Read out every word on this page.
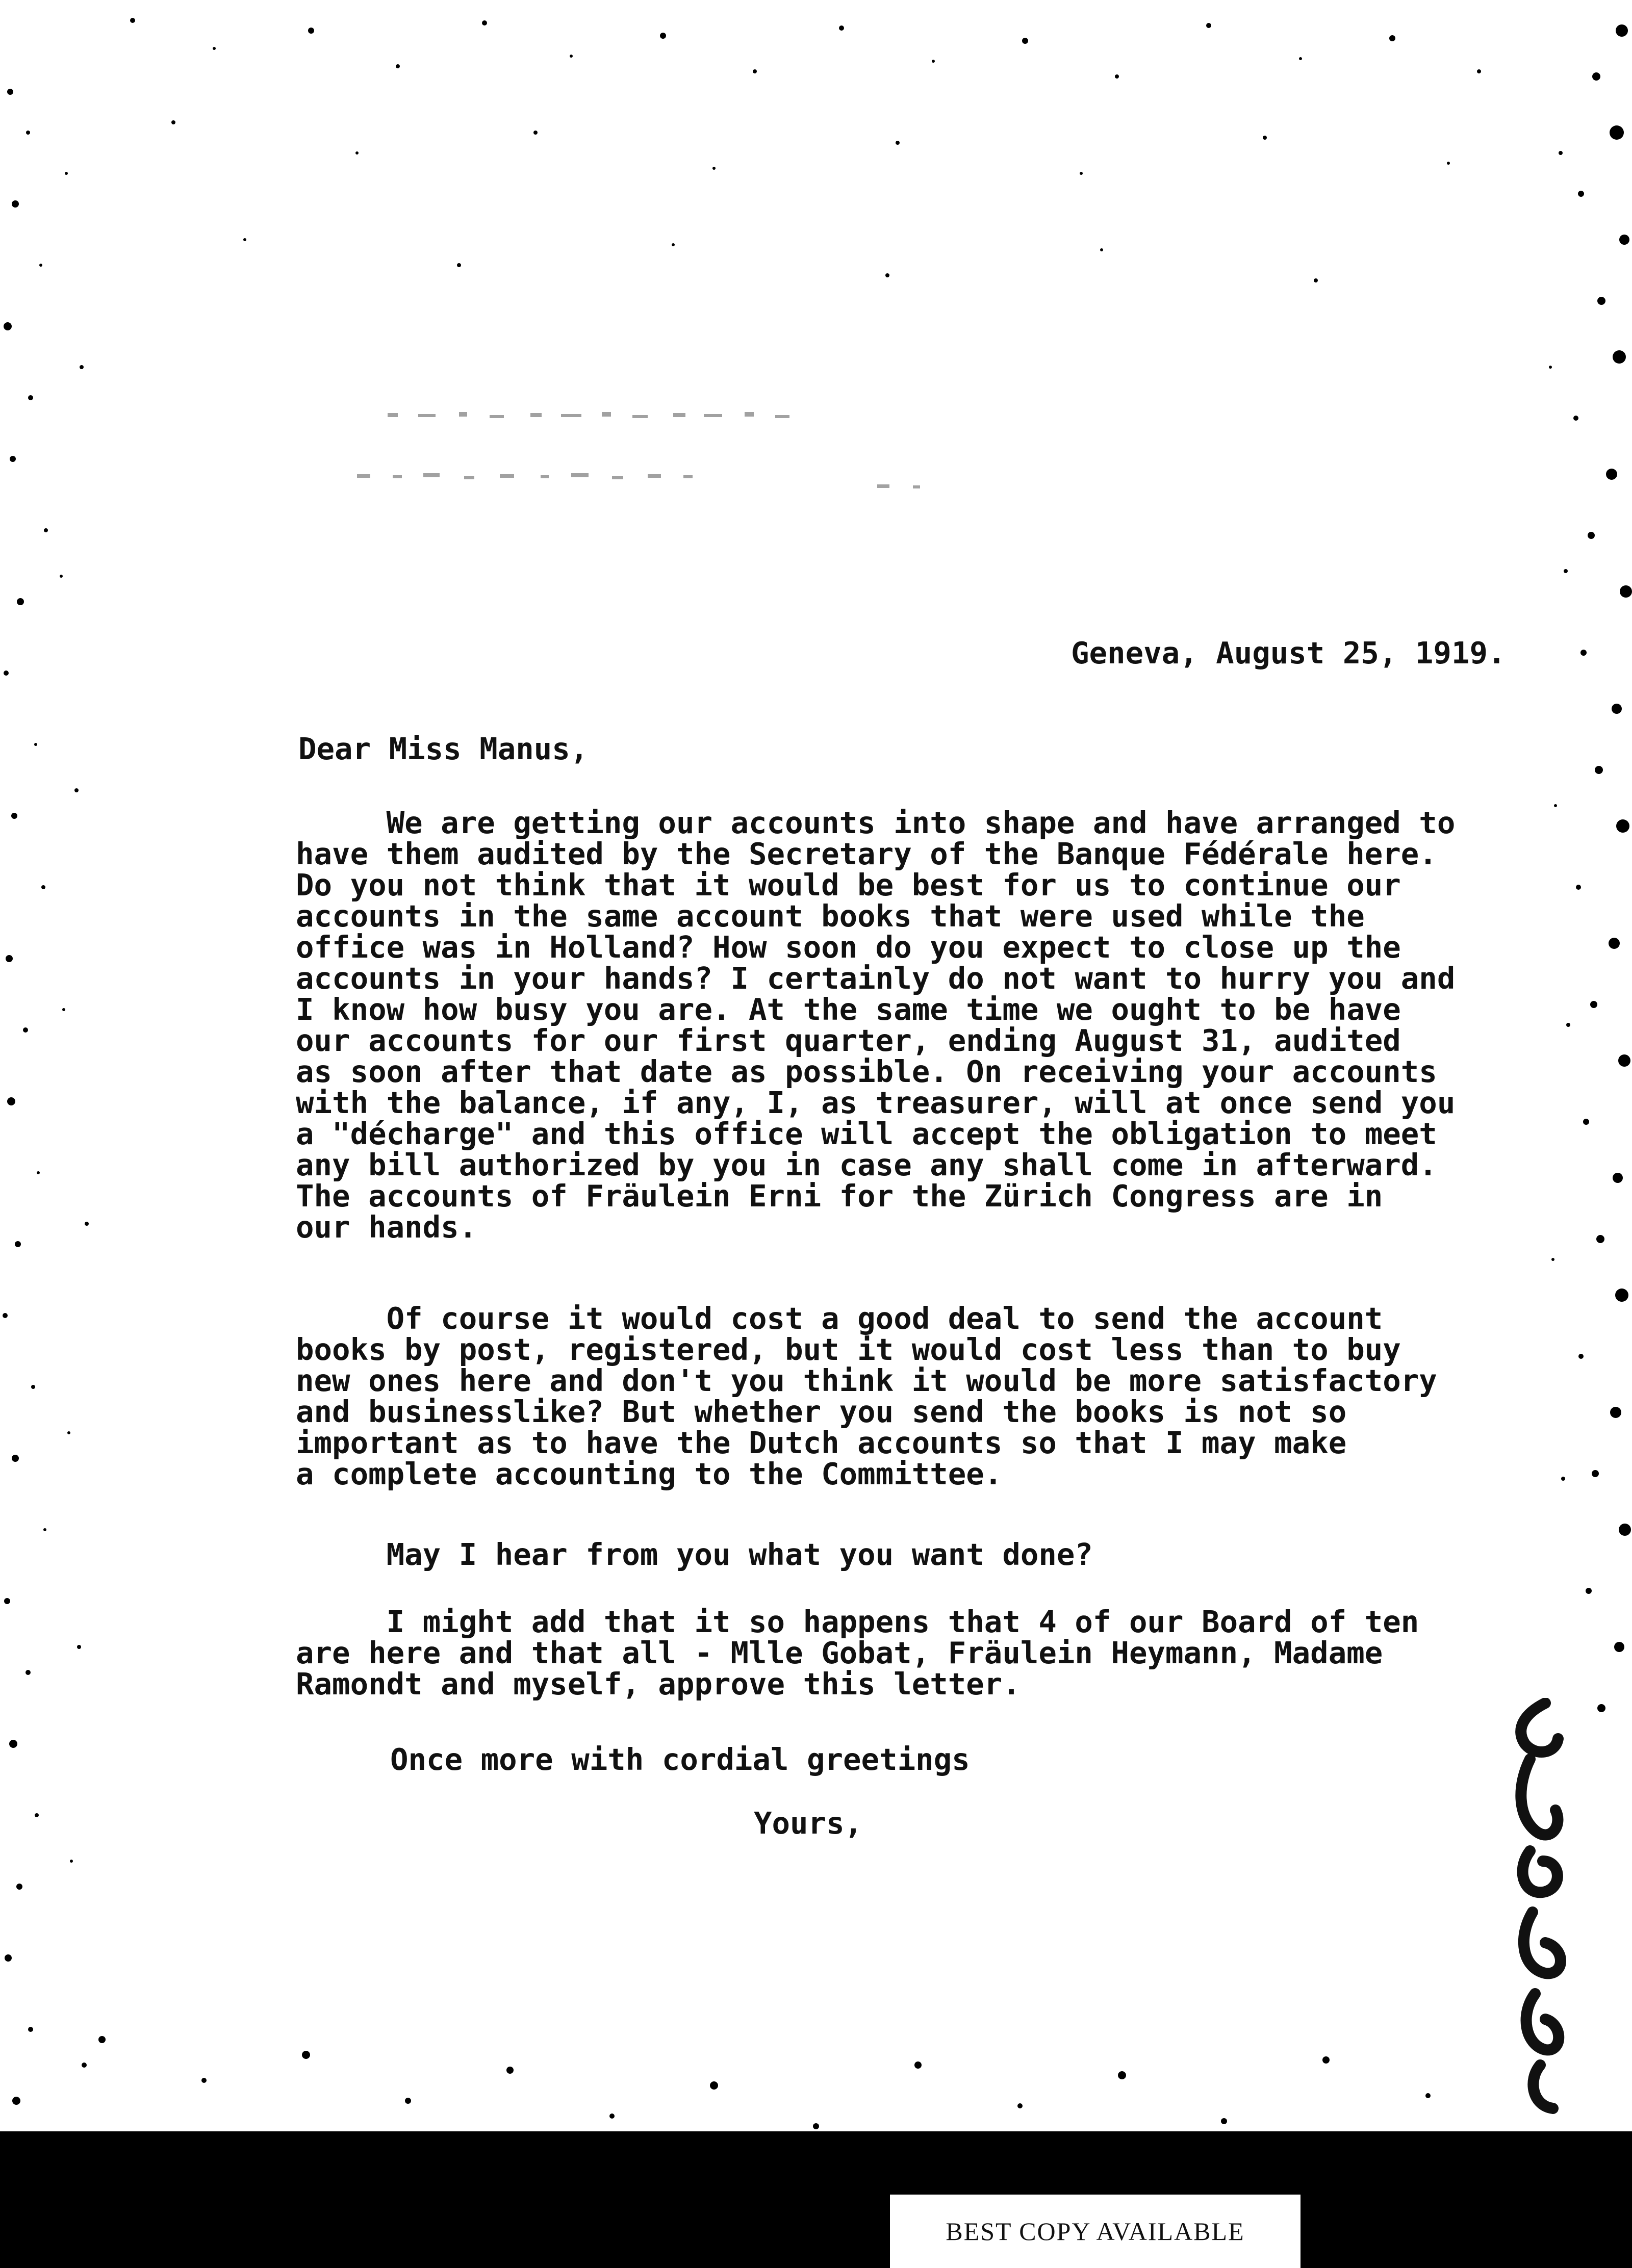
Geneva, August 25, 1919.
Dear Miss Manus,
We are getting our accounts into shape and have arranged to
have them audited by the Secretary of the Banque Fédérale here.
Do you not think that it would be best for us to continue our
accounts in the same account books that were used while the
office was in Holland? How soon do you expect to close up the
accounts in your hands? I certainly do not want to hurry you and
I know how busy you are. At the same time we ought to be have
our accounts for our first quarter, ending August 31, audited
as soon after that date as possible. On receiving your accounts
with the balance, if any, I, as treasurer, will at once send you
a "décharge" and this office will accept the obligation to meet
any bill authorized by you in case any shall come in afterward.
The accounts of Fräulein Erni for the Zürich Congress are in
our hands.
Of course it would cost a good deal to send the account
books by post, registered, but it would cost less than to buy
new ones here and don't you think it would be more satisfactory
and businesslike? But whether you send the books is not so
important as to have the Dutch accounts so that I may make
a complete accounting to the Committee.
May I hear from you what you want done?
I might add that it so happens that 4 of our Board of ten
are here and that all - Mlle Gobat, Fräulein Heymann, Madame
Ramondt and myself, approve this letter.
Once more with cordial greetings
Yours,
BEST COPY AVAILABLE
